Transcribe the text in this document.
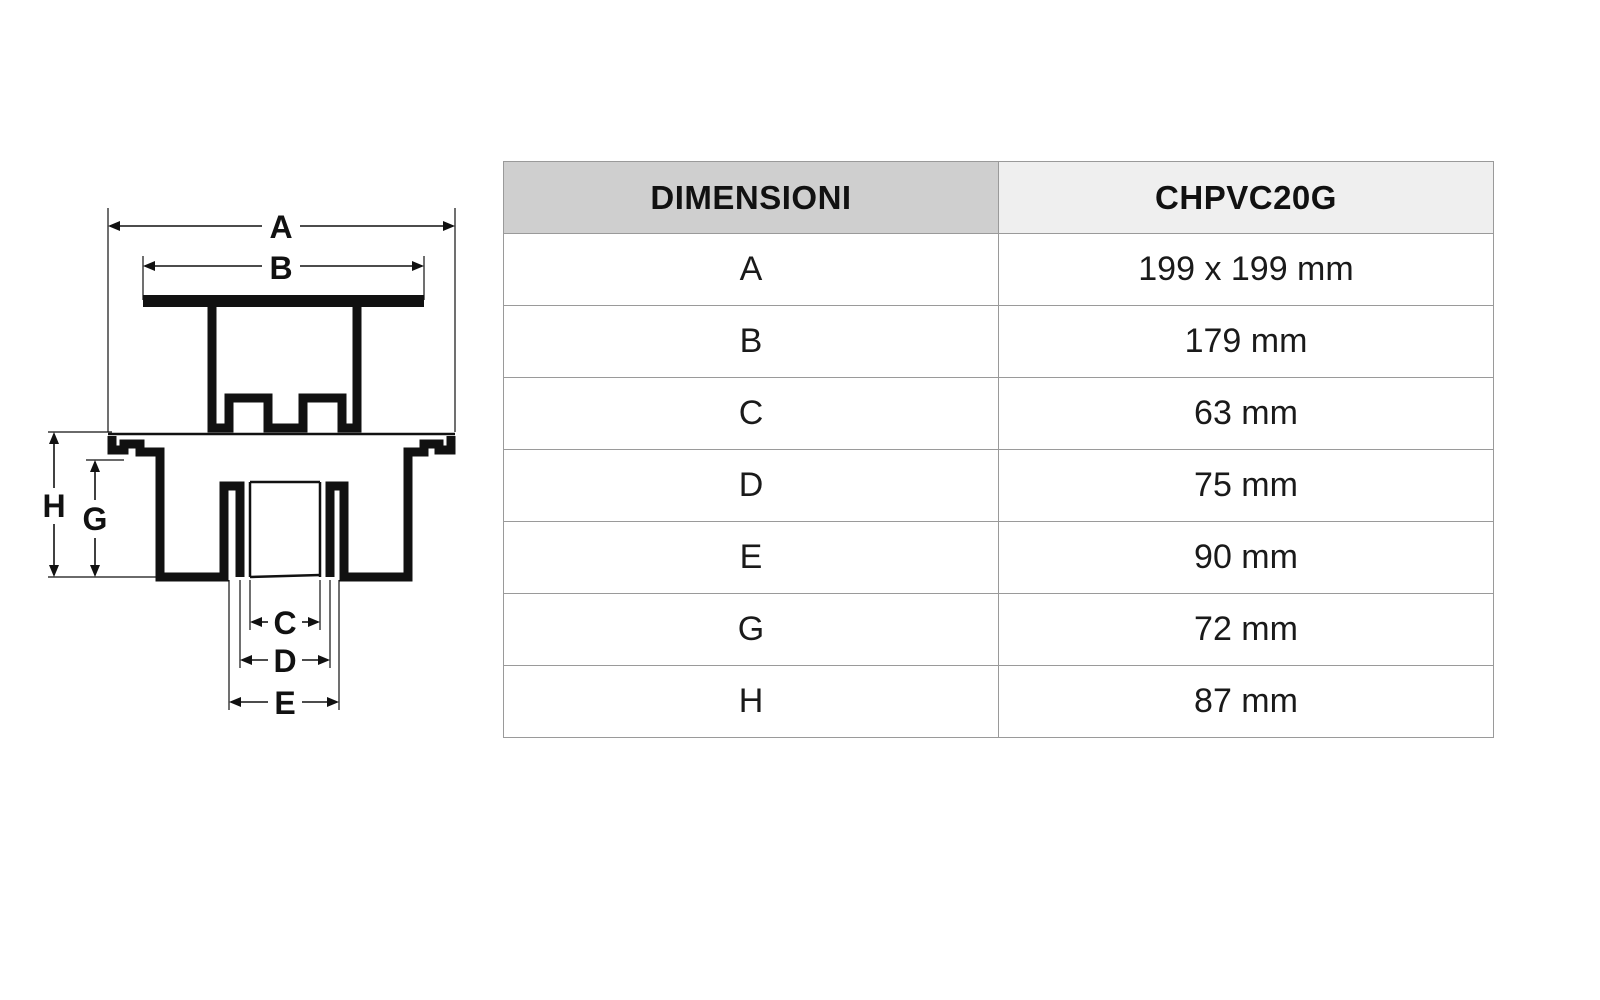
A
B
H G
C
D
E
DIMENSIONI	CHPVC20G
A	199 x 199 mm
B	179 mm
C	63 mm
D	75 mm
E	90 mm
G	72 mm
H	87 mm
